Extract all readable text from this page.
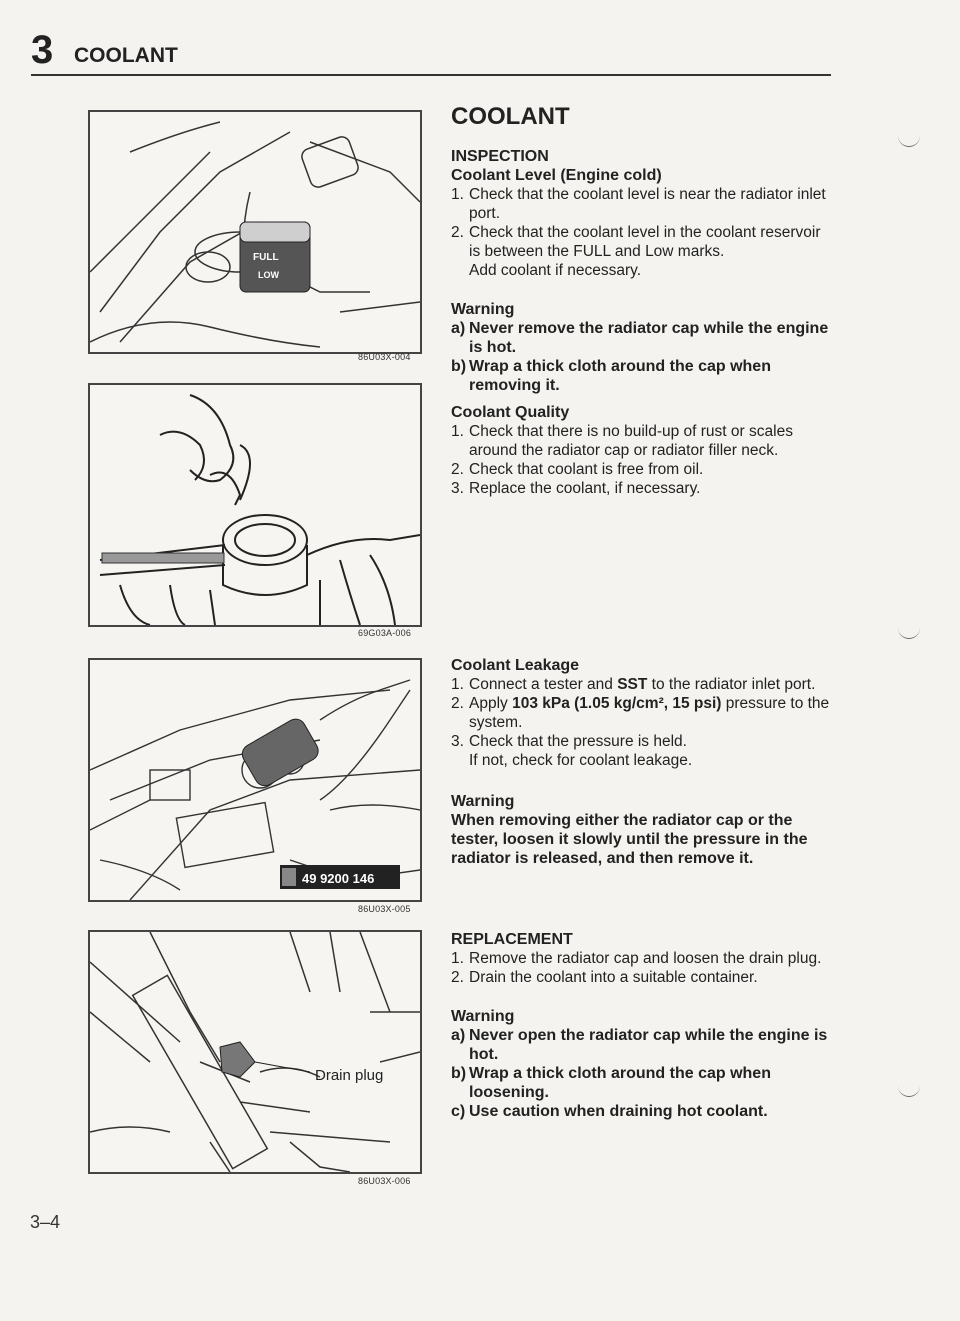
3 COOLANT
FULL
LOW
86U03X-004
69G03A-006
49 9200 146
86U03X-005
Drain plug
86U03X-006
3–4
COOLANT
INSPECTION
Coolant Level (Engine cold)
1. Check that the coolant level is near the radiator inlet port.
2. Check that the coolant level in the coolant reservoir is between the FULL and Low marks.
Add coolant if necessary.
Warning
a) Never remove the radiator cap while the engine is hot.
b) Wrap a thick cloth around the cap when removing it.
Coolant Quality
1. Check that there is no build-up of rust or scales around the radiator cap or radiator filler neck.
2. Check that coolant is free from oil.
3. Replace the coolant, if necessary.
Coolant Leakage
1. Connect a tester and SST to the radiator inlet port.
2. Apply 103 kPa (1.05 kg/cm², 15 psi) pressure to the system.
3. Check that the pressure is held.
If not, check for coolant leakage.
Warning
When removing either the radiator cap or the tester, loosen it slowly until the pressure in the radiator is released, and then remove it.
REPLACEMENT
1. Remove the radiator cap and loosen the drain plug.
2. Drain the coolant into a suitable container.
Warning
a) Never open the radiator cap while the engine is hot.
b) Wrap a thick cloth around the cap when loosening.
c) Use caution when draining hot coolant.
